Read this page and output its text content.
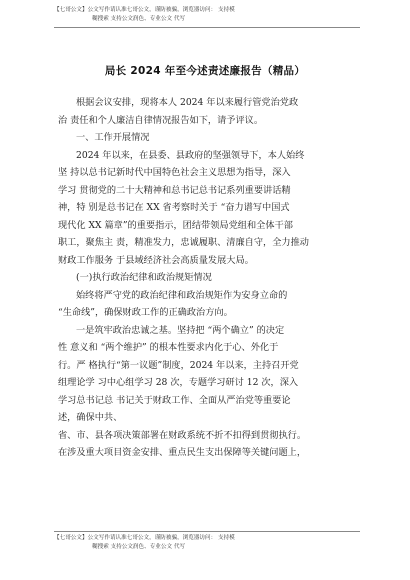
【七哥公文】公文写作请认准七哥公文，谨防被骗，浏览器访问： 支持模
糊搜索 支持公文润色、专业公文 代写
局长 2024 年至今述责述廉报告（精品）
根据会议安排，现将本人 2024 年以来履行管党治党政
治 责任和个人廉洁自律情况报告如下，请予评议。
一、工作开展情况
2024 年以来，在县委、县政府的坚强领导下，本人始终
坚 持以总书记新时代中国特色社会主义思想为指导，深入
学习 贯彻党的二十大精神和总书记总书记系列重要讲话精
神，特 别是总书记在 XX 省考察时关于 “奋力谱写中国式
现代化 XX 篇章”的重要指示，团结带领局党组和全体干部
职工，聚焦主 责，精准发力，忠诚履职、清廉自守，全力推动
财政工作服务 于县域经济社会高质量发展大局。
(一)执行政治纪律和政治规矩情况
始终将严守党的政治纪律和政治规矩作为安身立命的
“生命线”，确保财政工作的正确政治方向。
一是筑牢政治忠诚之基。坚持把 “两个确立” 的决定
性 意义和 “两个维护” 的根本性要求内化于心、外化于
行。严 格执行“第一议题”制度，2024 年以来，主持召开党
组理论学 习中心组学习 28 次，专题学习研讨 12 次，深入
学习总书记总 书记关于财政工作、全面从严治党等重要论
述，确保中共、
省、市、县各项决策部署在财政系统不折不扣得到贯彻执行。
在涉及重大项目资金安排、重点民生支出保障等关键问题上，
【七哥公文】公文写作请认准七哥公文，谨防被骗，浏览器访问： 支持模
糊搜索 支持公文润色、专业公文 代写
